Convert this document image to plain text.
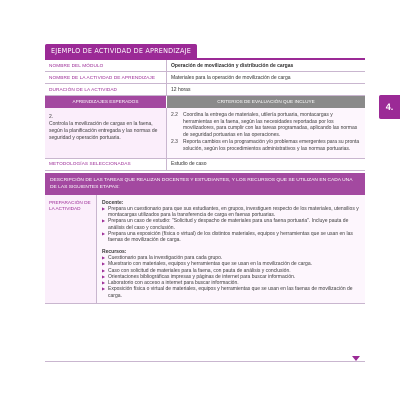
4.
EJEMPLO DE ACTIVIDAD DE APRENDIZAJE
NOMBRE DEL MÓDULO	Operación de movilización y distribución de cargas
NOMBRE DE LA ACTIVIDAD DE APRENDIZAJE	Materiales para la operación de movilización de carga
DURACIÓN DE LA ACTIVIDAD	12 horas
APRENDIZAJES ESPERADOS	CRITERIOS DE EVALUACIÓN QUE INCLUYE
2.
Controla la movilización de cargas en la faena, según la planificación entregada y las normas de seguridad y operación portuaria.
2.2	Coordina la entrega de materiales, utilería portuaria, montacargas y herramientas en la faena, según las necesidades reportadas por los movilizadores, para cumplir con las tareas programadas, aplicando las normas de seguridad portuarias en las operaciones.
2.3	Reporta cambios en la programación y/o problemas emergentes para su pronta solución, según los procedimientos administrativos y las normas portuarias.
METODOLOGÍAS SELECCIONADAS	Estudio de caso
DESCRIPCIÓN DE LAS TAREAS QUE REALIZAN DOCENTES Y ESTUDIANTES, Y LOS RECURSOS QUE SE UTILIZAN EN CADA UNA DE LAS SIGUIENTES ETAPAS:
PREPARACIÓN DE LA ACTIVIDAD
Docente:
▶ Prepara un cuestionario para que sus estudiantes, en grupos, investiguen respecto de los materiales, utensilios y montacargas utilizados para la transferencia de carga en faenas portuarias.
▶ Prepara un caso de estudio: "Solicitud y despacho de materiales para una faena portuaria". Incluye pauta de análisis del caso y conclusión.
▶ Prepara una exposición (física o virtual) de los distintos materiales, equipos y herramientas que se usan en las faenas de movilización de carga.
Recursos:
▶ Cuestionario para la investigación para cada grupo.
▶ Muestrario con materiales, equipos y herramientas que se usan en la movilización de carga.
▶ Caso con solicitud de materiales para la faena, con pauta de análisis y conclusión.
▶ Orientaciones bibliográficas impresas y páginas de internet para buscar información.
▶ Laboratorio con acceso a internet para buscar información.
▶ Exposición física o virtual de materiales, equipos y herramientas que se usan en las faenas de movilización de carga.
